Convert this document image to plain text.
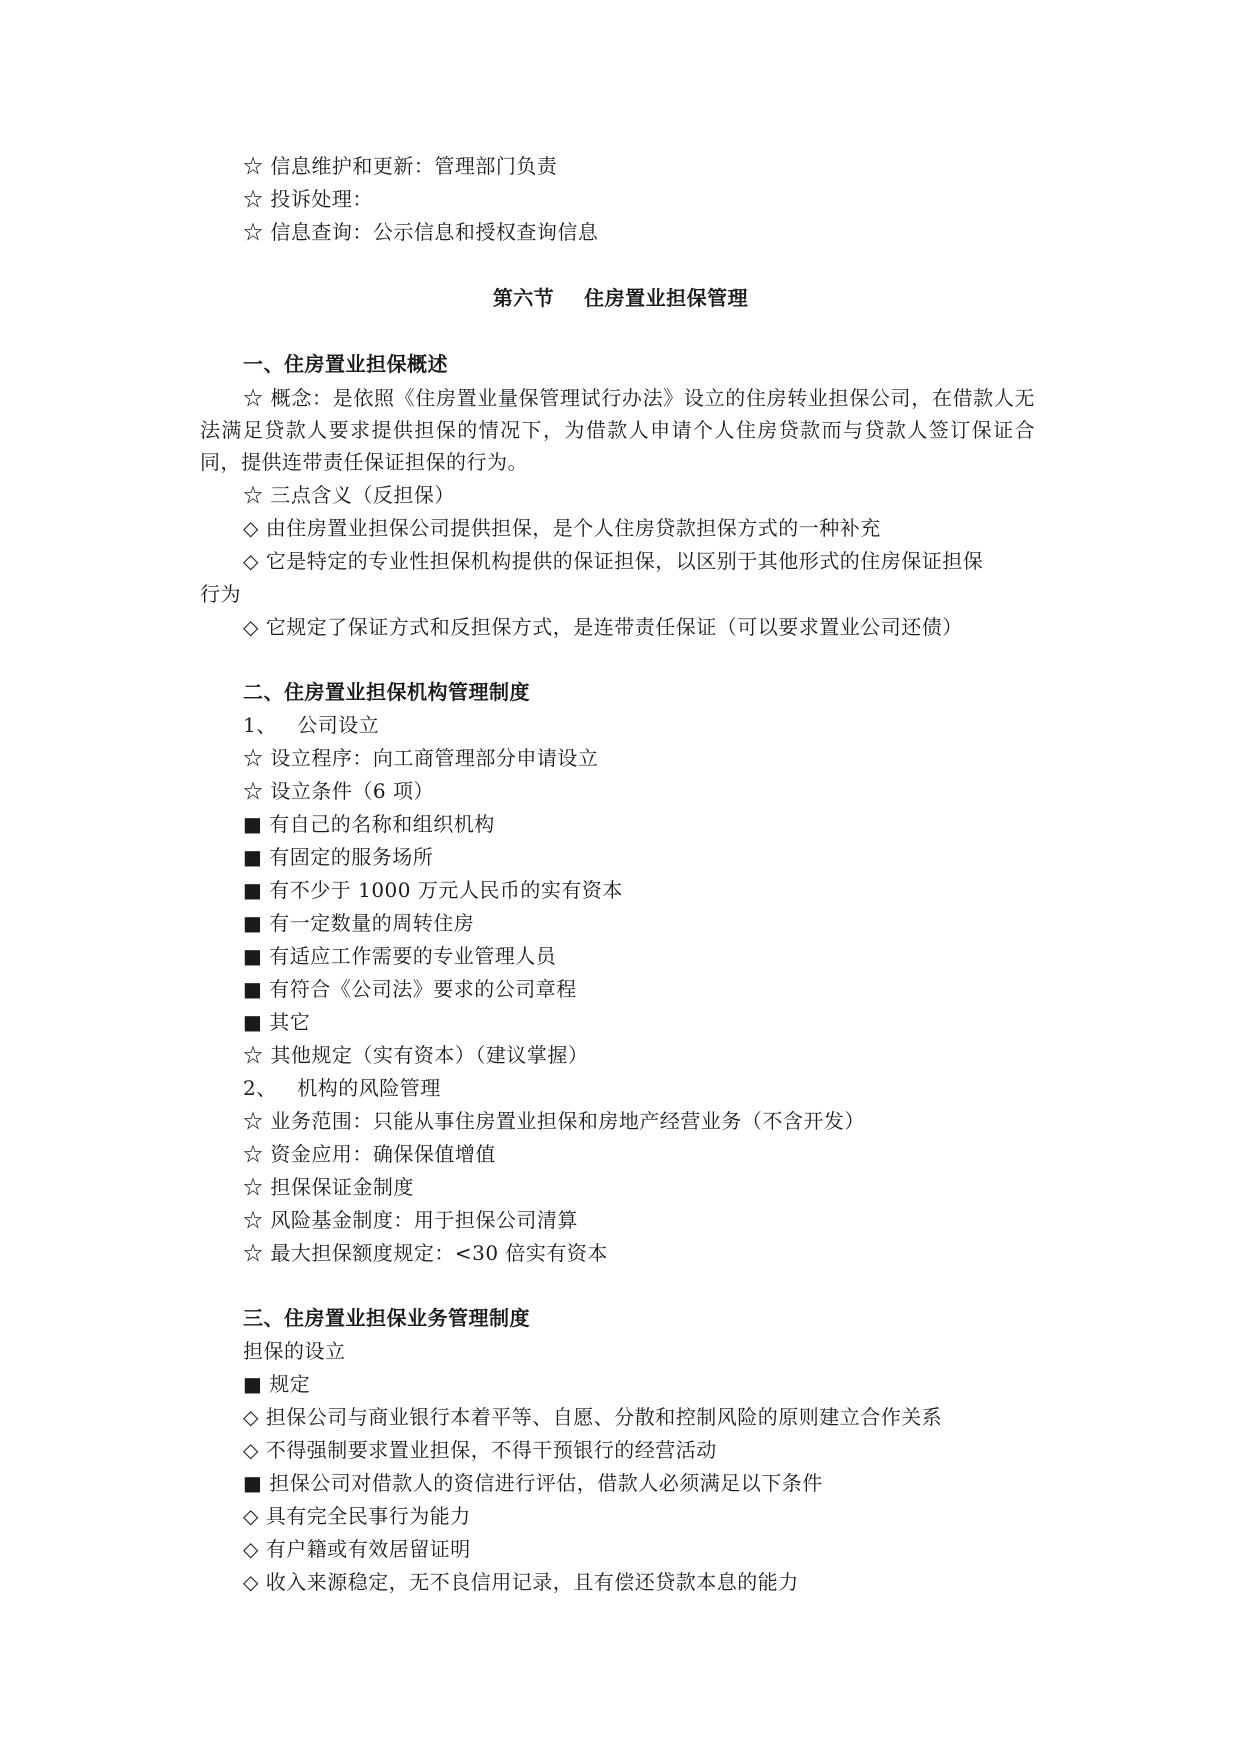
☆ 信息维护和更新：管理部门负责
☆ 投诉处理：
☆ 信息查询：公示信息和授权查询信息
第六节    住房置业担保管理
一、住房置业担保概述
☆ 概念：是依照《住房置业量保管理试行办法》设立的住房转业担保公司，在借款人无法满足贷款人要求提供担保的情况下，为借款人申请个人住房贷款而与贷款人签订保证合同，提供连带责任保证担保的行为。
☆ 三点含义（反担保）
◇ 由住房置业担保公司提供担保，是个人住房贷款担保方式的一种补充
◇ 它是特定的专业性担保机构提供的保证担保，以区别于其他形式的住房保证担保
行为
◇ 它规定了保证方式和反担保方式，是连带责任保证（可以要求置业公司还债）
二、住房置业担保机构管理制度
1、   公司设立
☆ 设立程序：向工商管理部分申请设立
☆ 设立条件（6 项）
■ 有自己的名称和组织机构
■ 有固定的服务场所
■ 有不少于 1000 万元人民币的实有资本
■ 有一定数量的周转住房
■ 有适应工作需要的专业管理人员
■ 有符合《公司法》要求的公司章程
■ 其它
☆ 其他规定（实有资本）（建议掌握）
2、   机构的风险管理
☆ 业务范围：只能从事住房置业担保和房地产经营业务（不含开发）
☆ 资金应用：确保保值增值
☆ 担保保证金制度
☆ 风险基金制度：用于担保公司清算
☆ 最大担保额度规定：<30 倍实有资本
三、住房置业担保业务管理制度
担保的设立
■ 规定
◇ 担保公司与商业银行本着平等、自愿、分散和控制风险的原则建立合作关系
◇ 不得强制要求置业担保，不得干预银行的经营活动
■ 担保公司对借款人的资信进行评估，借款人必须满足以下条件
◇ 具有完全民事行为能力
◇ 有户籍或有效居留证明
◇ 收入来源稳定，无不良信用记录，且有偿还贷款本息的能力
